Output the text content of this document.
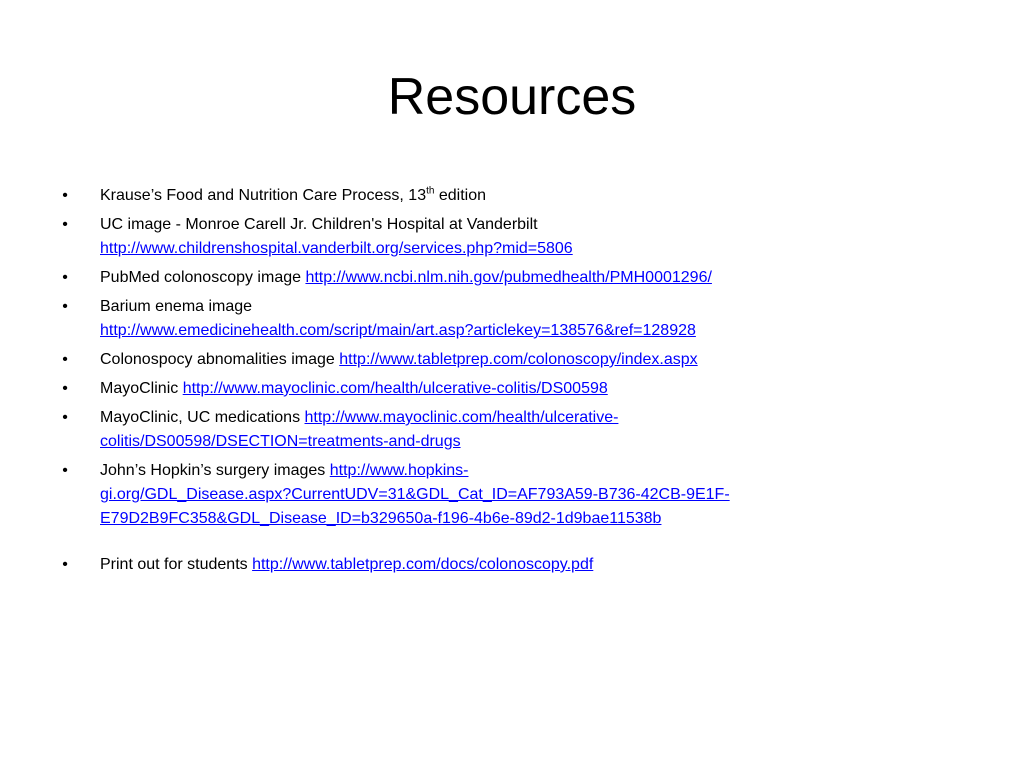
Resources
• Krause’s Food and Nutrition Care Process, 13th edition
• UC image - Monroe Carell Jr. Children's Hospital at Vanderbilt
http://www.childrenshospital.vanderbilt.org/services.php?mid=5806
• PubMed colonoscopy image http://www.ncbi.nlm.nih.gov/pubmedhealth/PMH0001296/
• Barium enema image
http://www.emedicinehealth.com/script/main/art.asp?articlekey=138576&ref=128928
• Colonospocy abnomalities image http://www.tabletprep.com/colonoscopy/index.aspx
• MayoClinic http://www.mayoclinic.com/health/ulcerative-colitis/DS00598
• MayoClinic, UC medications http://www.mayoclinic.com/health/ulcerative-
colitis/DS00598/DSECTION=treatments-and-drugs
• John’s Hopkin’s surgery images http://www.hopkins-
gi.org/GDL_Disease.aspx?CurrentUDV=31&GDL_Cat_ID=AF793A59-B736-42CB-9E1F-
E79D2B9FC358&GDL_Disease_ID=b329650a-f196-4b6e-89d2-1d9bae11538b
• Print out for students http://www.tabletprep.com/docs/colonoscopy.pdf
